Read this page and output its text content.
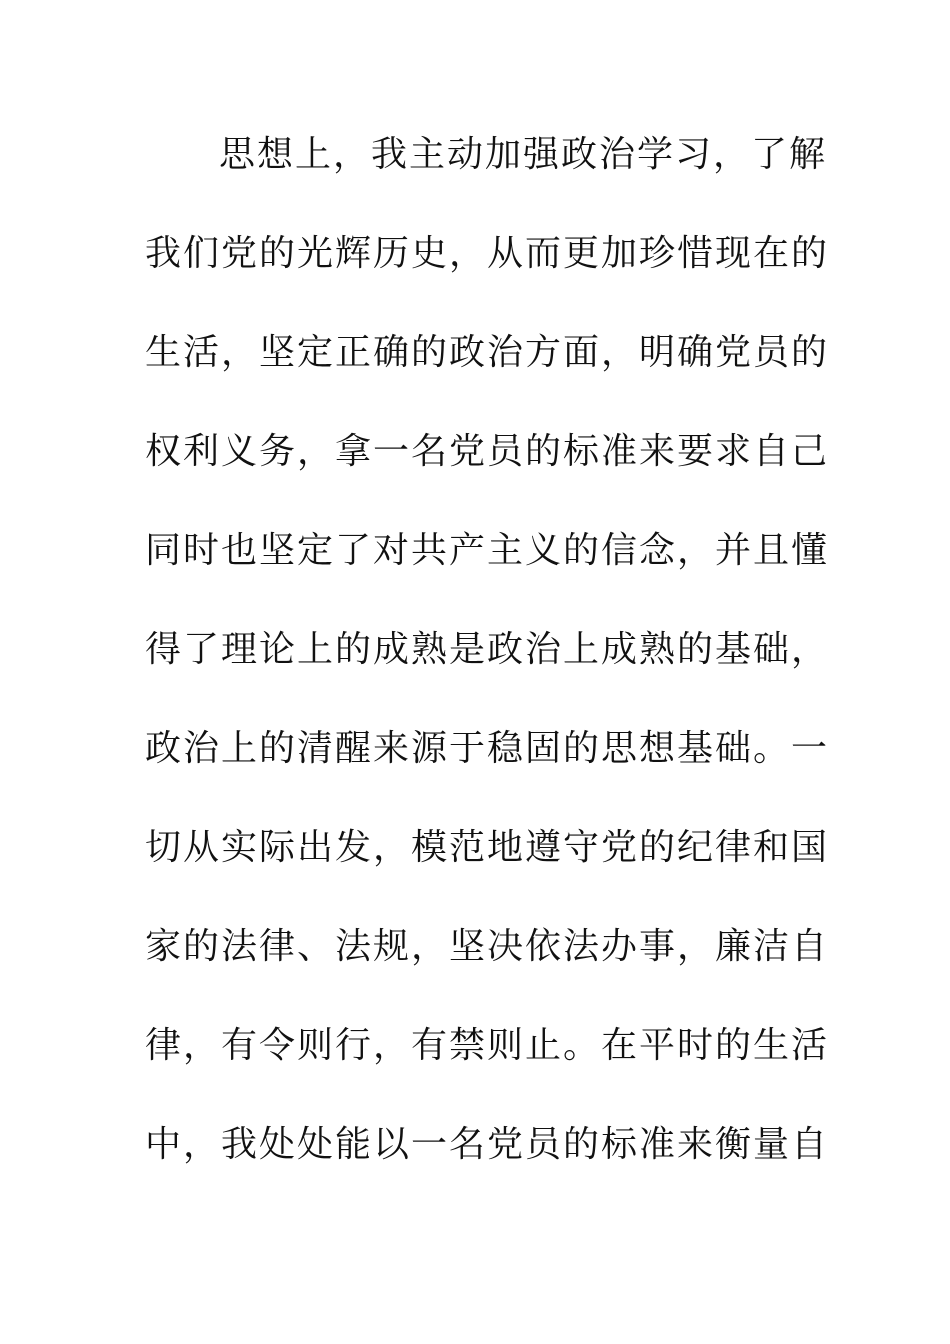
思想上，我主动加强政治学习，了解
我们党的光辉历史，从而更加珍惜现在的
生活，坚定正确的政治方面，明确党员的
权利义务，拿一名党员的标准来要求自己
同时也坚定了对共产主义的信念，并且懂
得了理论上的成熟是政治上成熟的基础，
政治上的清醒来源于稳固的思想基础。一
切从实际出发，模范地遵守党的纪律和国
家的法律、法规，坚决依法办事，廉洁自
律，有令则行，有禁则止。在平时的生活
中，我处处能以一名党员的标准来衡量自
